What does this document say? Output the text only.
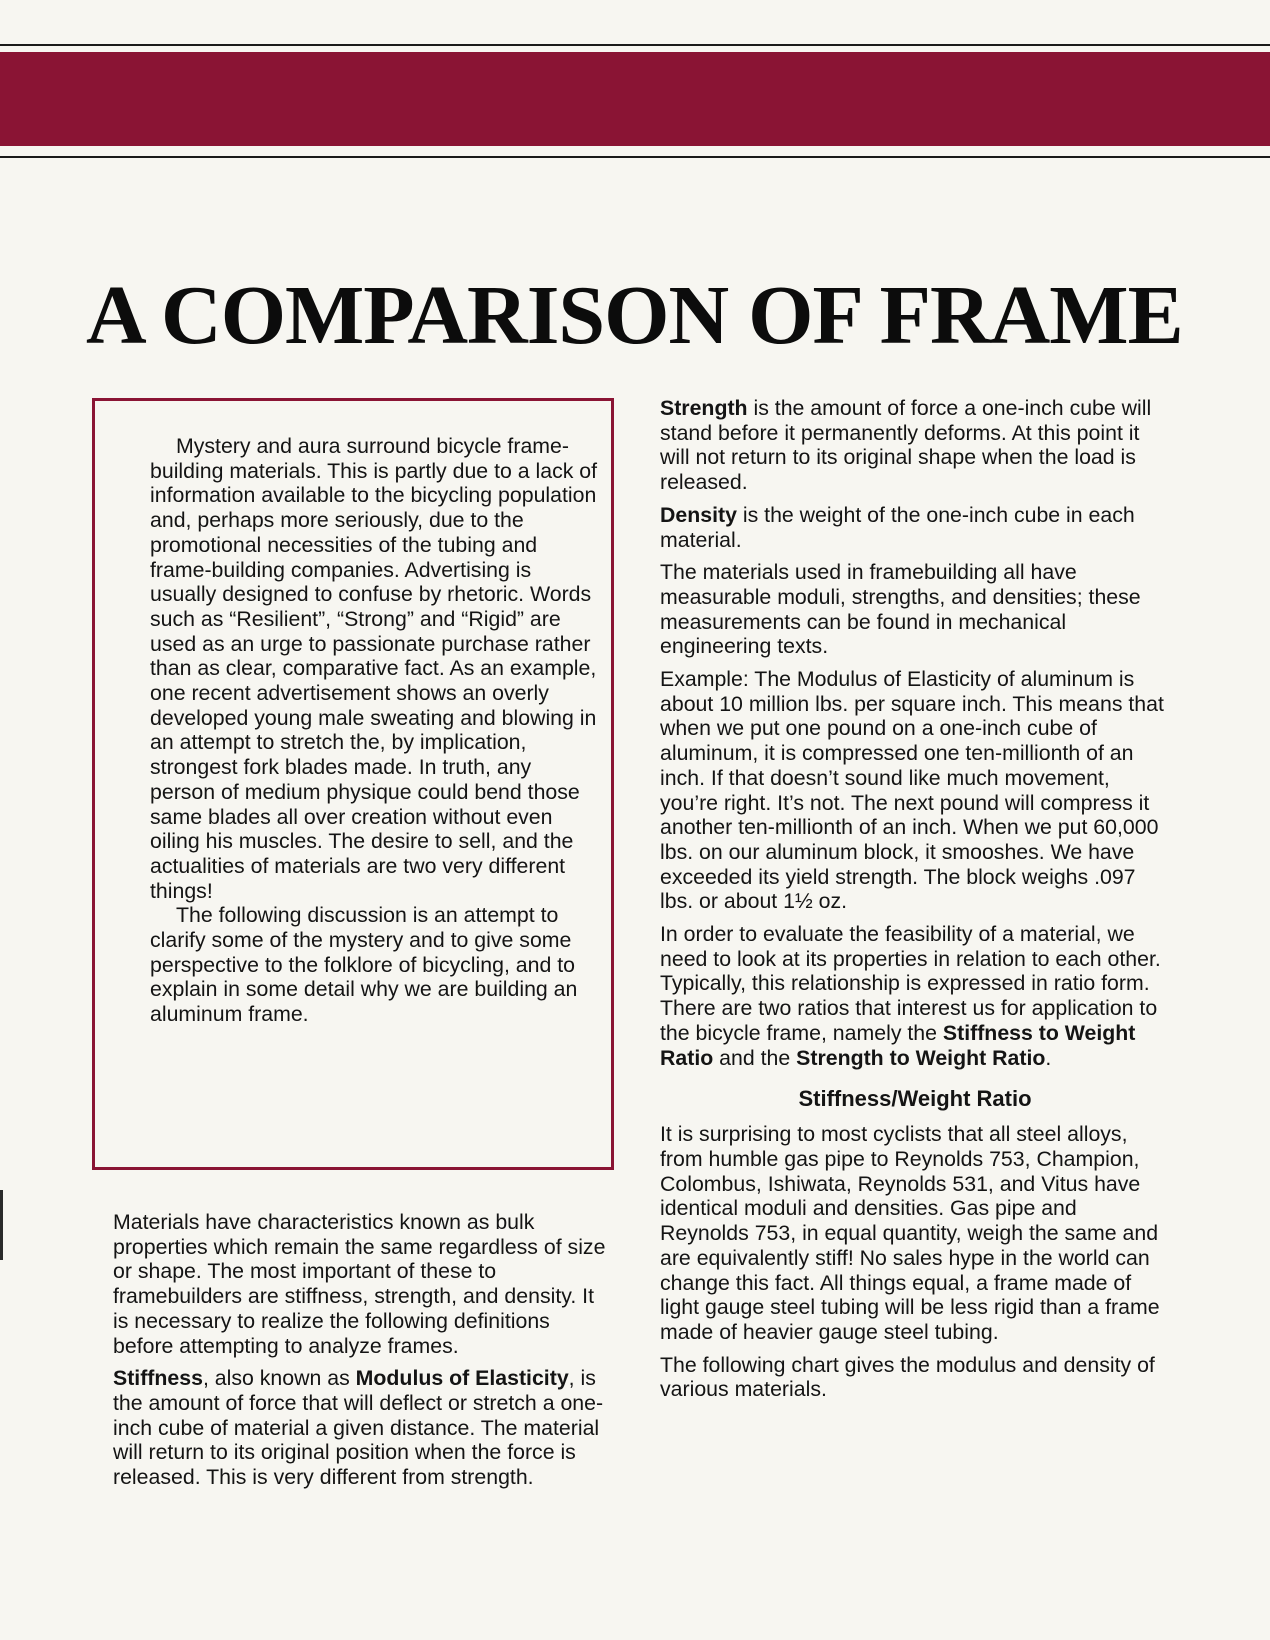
A COMPARISON OF FRAME

Mystery and aura surround bicycle frame-building materials. This is partly due to a lack of information available to the bicycling population and, perhaps more seriously, due to the promotional necessities of the tubing and frame-building companies. Advertising is usually designed to confuse by rhetoric. Words such as “Resilient”, “Strong” and “Rigid” are used as an urge to passionate purchase rather than as clear, comparative fact. As an example, one recent advertisement shows an overly developed young male sweating and blowing in an attempt to stretch the, by implication, strongest fork blades made. In truth, any person of medium physique could bend those same blades all over creation without even oiling his muscles. The desire to sell, and the actualities of materials are two very different things!

The following discussion is an attempt to clarify some of the mystery and to give some perspective to the folklore of bicycling, and to explain in some detail why we are building an aluminum frame.

Materials have characteristics known as bulk properties which remain the same regardless of size or shape. The most important of these to framebuilders are stiffness, strength, and density. It is necessary to realize the following definitions before attempting to analyze frames.

Stiffness, also known as Modulus of Elasticity, is the amount of force that will deflect or stretch a one-inch cube of material a given distance. The material will return to its original position when the force is released. This is very different from strength.

Strength is the amount of force a one-inch cube will stand before it permanently deforms. At this point it will not return to its original shape when the load is released.

Density is the weight of the one-inch cube in each material.

The materials used in framebuilding all have measurable moduli, strengths, and densities; these measurements can be found in mechanical engineering texts.

Example: The Modulus of Elasticity of aluminum is about 10 million lbs. per square inch. This means that when we put one pound on a one-inch cube of aluminum, it is compressed one ten-millionth of an inch. If that doesn’t sound like much movement, you’re right. It’s not. The next pound will compress it another ten-millionth of an inch. When we put 60,000 lbs. on our aluminum block, it smooshes. We have exceeded its yield strength. The block weighs .097 lbs. or about 1½ oz.

In order to evaluate the feasibility of a material, we need to look at its properties in relation to each other. Typically, this relationship is expressed in ratio form. There are two ratios that interest us for application to the bicycle frame, namely the Stiffness to Weight Ratio and the Strength to Weight Ratio.

Stiffness/Weight Ratio

It is surprising to most cyclists that all steel alloys, from humble gas pipe to Reynolds 753, Champion, Colombus, Ishiwata, Reynolds 531, and Vitus have identical moduli and densities. Gas pipe and Reynolds 753, in equal quantity, weigh the same and are equivalently stiff! No sales hype in the world can change this fact. All things equal, a frame made of light gauge steel tubing will be less rigid than a frame made of heavier gauge steel tubing.

The following chart gives the modulus and density of various materials.
